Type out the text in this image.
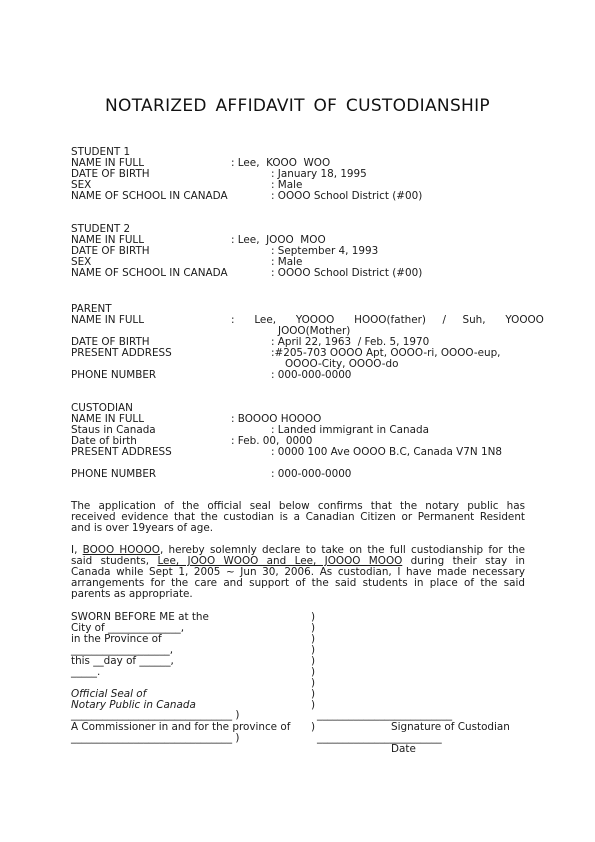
NOTARIZED AFFIDAVIT OF CUSTODIANSHIP
STUDENT 1
NAME IN FULL	: Lee,  KOOO  WOO
DATE OF BIRTH	: January 18, 1995
SEX	: Male
NAME OF SCHOOL IN CANADA	: OOOO School District (#00)
STUDENT 2
NAME IN FULL	: Lee,  JOOO  MOO
DATE OF BIRTH	: September 4, 1993
SEX	: Male
NAME OF SCHOOL IN CANADA	: OOOO School District (#00)
PARENT
NAME IN FULL	:      Lee,      YOOOO      HOOO(father)     /     Suh,      YOOOO
JOOO(Mother)
DATE OF BIRTH	: April 22, 1963  / Feb. 5, 1970
PRESENT ADDRESS	:#205-703 OOOO Apt, OOOO-ri, OOOO-eup,
OOOO-City, OOOO-do
PHONE NUMBER	: 000-000-0000
CUSTODIAN
NAME IN FULL	: BOOOO HOOOO
Staus in Canada	: Landed immigrant in Canada
Date of birth	: Feb. 00,  0000
PRESENT ADDRESS	: 0000 100 Ave OOOO B.C, Canada V7N 1N8
PHONE NUMBER	: 000-000-0000
The application of the official seal below confirms that the notary public has
received evidence that the custodian is a Canadian Citizen or Permanent Resident
and is over 19years of age.
I, BOOO HOOOO, hereby solemnly declare to take on the full custodianship for the
said students, Lee, JOOO WOOO and Lee, JOOOO MOOO during their stay in
Canada while Sept 1, 2005 ~ Jun 30, 2006. As custodian, I have made necessary
arrangements for the care and support of the said students in place of the said
parents as appropriate.
SWORN BEFORE ME at the
City of ______________,
in the Province of
___________________,
this __day of ______,
_____.
Official Seal of
Notary Public in Canada
_______________________________ )
A Commissioner in and for the province of
_______________________________ )
)
)
)
)
)
)
)
)
)
)
__________________________
Signature of Custodian
________________________
Date
